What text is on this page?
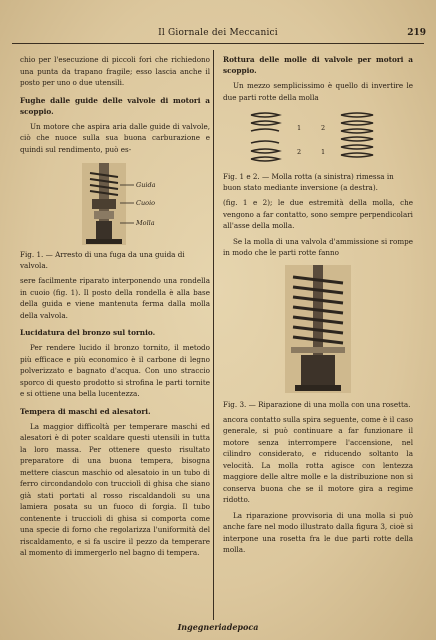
Il Giornale dei Meccanici	219

chio per l'esecuzione di piccoli fori che richiedono una punta da trapano fragile; esso lascia anche il posto per uno o due utensili.

Fughe dalle guide delle valvole di motori a scoppio.

Un motore che aspira aria dalle guide di valvole, ciò che nuoce sulla sua buona carburazione e quindi sul rendimento, può es-

Guida
Cuoio
Molla

Fig. 1. — Arresto di una fuga da una guida di valvola.

sere facilmente riparato interponendo una rondella in cuoio (fig. 1). Il posto della rondella è alla base della guida e viene mantenuta ferma dalla molla della valvola.

Lucidatura del bronzo sul tornio.

Per rendere lucido il bronzo tornito, il metodo più efficace e più economico è il carbone di legno polverizzato e bagnato d'acqua. Con uno straccio sporco di questo prodotto si strofina le parti tornite e si ottiene una bella lucentezza.

Tempera di maschi ed alesatori.

La maggior difficoltà per temperare maschi ed alesatori è di poter scaldare questi utensili in tutta la loro massa. Per ottenere questo risultato preparatore di una buona tempera, bisogna mettere ciascun maschio od alesatoio in un tubo di ferro circondandolo con trucciolì di ghisa che siano già stati portati al rosso riscaldandoli su una lamiera posata su un fuoco di forgia. Il tubo contenente i truccioli di ghisa si comporta come una specie di forno che regolarizza l'uniformità del riscaldamento, e si fa uscire il pezzo da temperare al momento di immergerlo nel bagno di tempera.

Rottura delle molle di valvole per motori a scoppio.

Un mezzo semplicissimo è quello di invertire le due parti rotte della molla

1
2
2
1

Fig. 1 e 2. — Molla rotta (a sinistra) rimessa in buon stato mediante inversione (a destra).

(fig. 1 e 2); le due estremità della molla, che vengono a far contatto, sono sempre perpendicolari all'asse della molla.

Se la molla di una valvola d'ammissione si rompe in modo che le parti rotte fanno

Fig. 3. — Riparazione di una molla con una rosetta.

ancora contatto sulla spira seguente, come è il caso generale, si può continuare a far funzionare il motore senza interrompere l'accensione, nel cilindro considerato, e riducendo soltanto la velocità. La molla rotta agisce con lentezza maggiore delle altre molle e la distribuzione non si conserva buona che se il motore gira a regime ridotto.

La riparazione provvisoria di una molla si può anche fare nel modo illustrato dalla figura 3, cioè si interpone una rosetta fra le due parti rotte della molla.

Ingegneriadepoca
